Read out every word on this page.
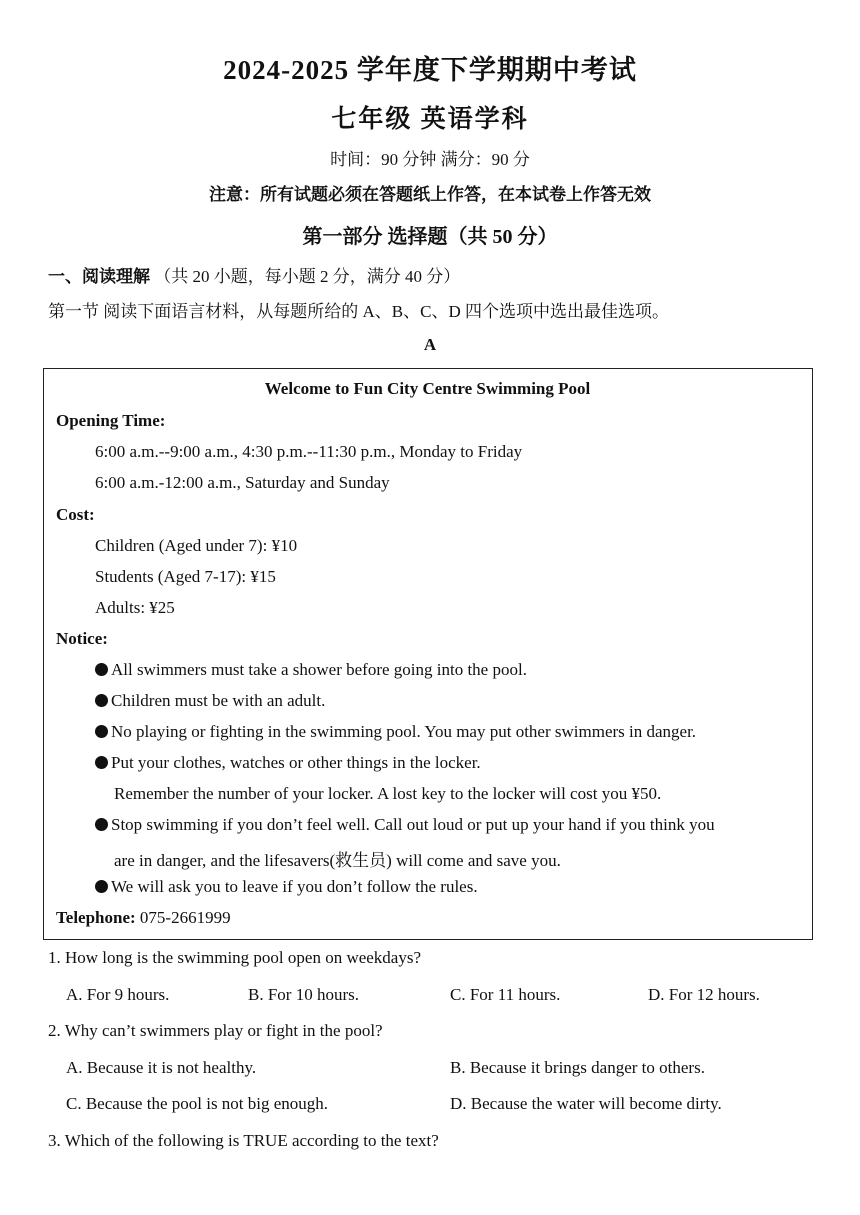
2024-2025 学年度下学期期中考试
七年级 英语学科
时间：90 分钟 满分：90 分
注意：所有试题必须在答题纸上作答，在本试卷上作答无效
第一部分 选择题（共 50 分）
一、阅读理解 （共 20 小题，每小题 2 分，满分 40 分）
第一节 阅读下面语言材料，从每题所给的 A、B、C、D 四个选项中选出最佳选项。
A
Welcome to Fun City Centre Swimming Pool
Opening Time:
6:00 a.m.--9:00 a.m., 4:30 p.m.--11:30 p.m., Monday to Friday
6:00 a.m.-12:00 a.m., Saturday and Sunday
Cost:
Children (Aged under 7): ¥10
Students (Aged 7-17): ¥15
Adults: ¥25
Notice:
All swimmers must take a shower before going into the pool.
Children must be with an adult.
No playing or fighting in the swimming pool. You may put other swimmers in danger.
Put your clothes, watches or other things in the locker.
Remember the number of your locker. A lost key to the locker will cost you ¥50.
Stop swimming if you don’t feel well. Call out loud or put up your hand if you think you
are in danger, and the lifesavers(救生员) will come and save you.
We will ask you to leave if you don’t follow the rules.
Telephone: 075-2661999
1. How long is the swimming pool open on weekdays?
A. For 9 hours.	B. For 10 hours.	C. For 11 hours.	D. For 12 hours.
2. Why can’t swimmers play or fight in the pool?
A. Because it is not healthy.	B. Because it brings danger to others.
C. Because the pool is not big enough.	D. Because the water will become dirty.
3. Which of the following is TRUE according to the text?
